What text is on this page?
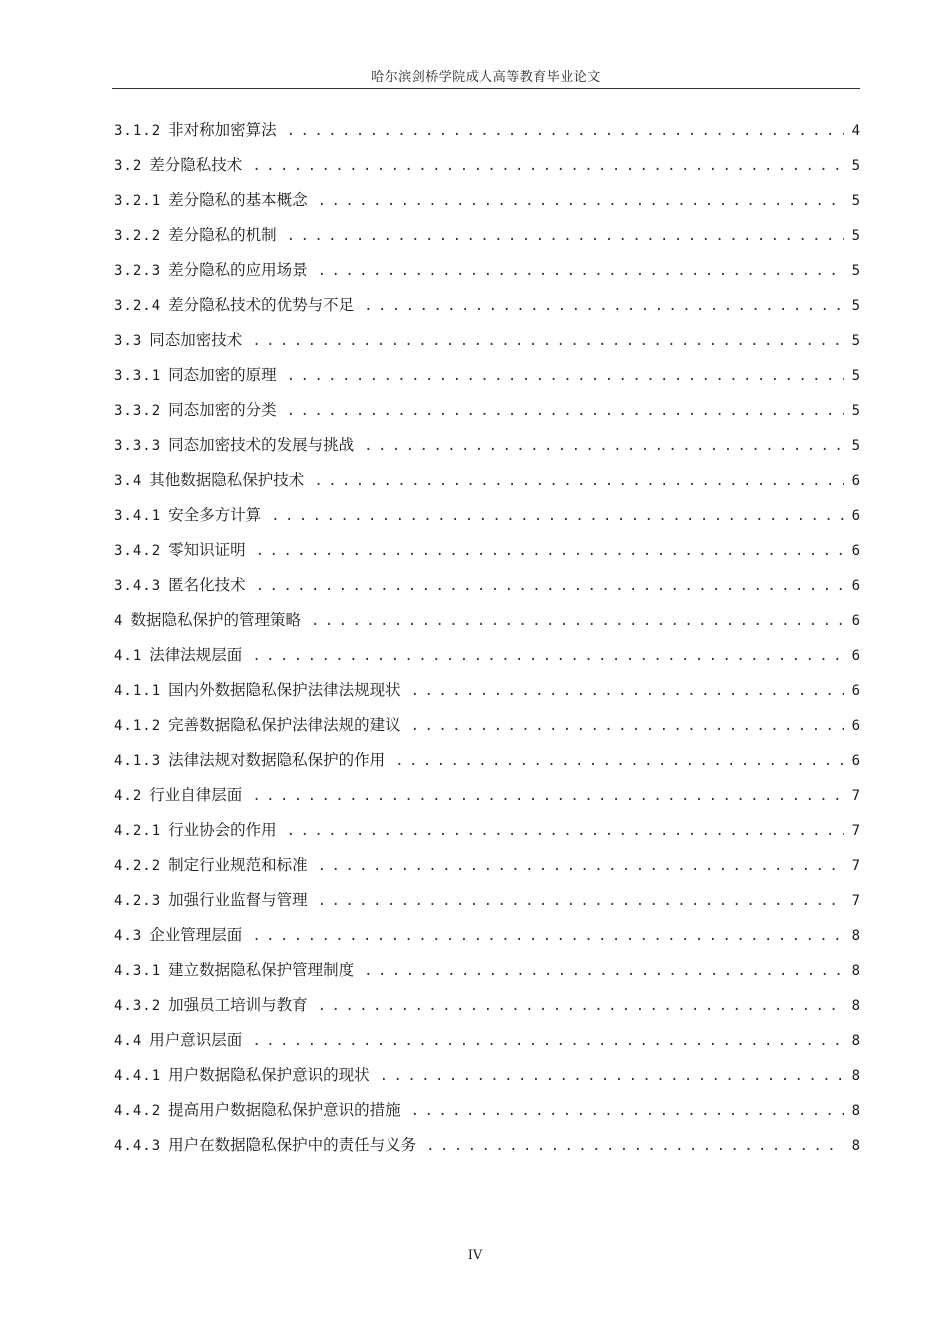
哈尔滨剑桥学院成人高等教育毕业论文
3.1.2 非对称加密算法 .....	4
3.2 差分隐私技术 .....	5
3.2.1 差分隐私的基本概念 .....	5
3.2.2 差分隐私的机制 .....	5
3.2.3 差分隐私的应用场景 .....	5
3.2.4 差分隐私技术的优势与不足 .....	5
3.3 同态加密技术 .....	5
3.3.1 同态加密的原理 .....	5
3.3.2 同态加密的分类 .....	5
3.3.3 同态加密技术的发展与挑战 .....	5
3.4 其他数据隐私保护技术 .....	6
3.4.1 安全多方计算 .....	6
3.4.2 零知识证明 .....	6
3.4.3 匿名化技术 .....	6
4 数据隐私保护的管理策略 .....	6
4.1 法律法规层面 .....	6
4.1.1 国内外数据隐私保护法律法规现状 .....	6
4.1.2 完善数据隐私保护法律法规的建议 .....	6
4.1.3 法律法规对数据隐私保护的作用 .....	6
4.2 行业自律层面 .....	7
4.2.1 行业协会的作用 .....	7
4.2.2 制定行业规范和标准 .....	7
4.2.3 加强行业监督与管理 .....	7
4.3 企业管理层面 .....	8
4.3.1 建立数据隐私保护管理制度 .....	8
4.3.2 加强员工培训与教育 .....	8
4.4 用户意识层面 .....	8
4.4.1 用户数据隐私保护意识的现状 .....	8
4.4.2 提高用户数据隐私保护意识的措施 .....	8
4.4.3 用户在数据隐私保护中的责任与义务 .....	8
IV
